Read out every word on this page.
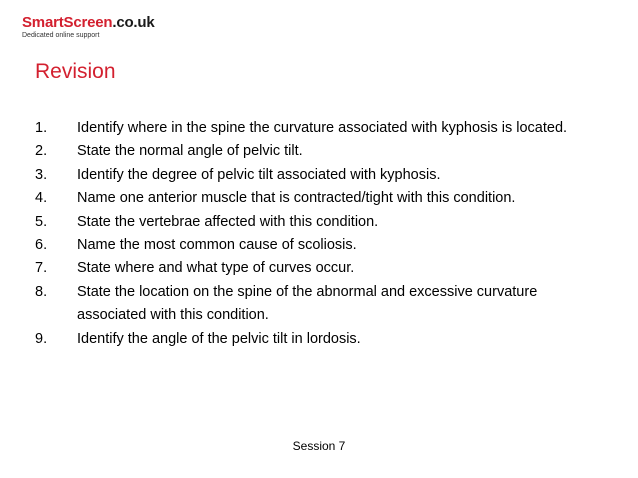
SmartScreen.co.uk
Dedicated online support
Revision
1.	Identify where in the spine the curvature associated with kyphosis is located.
2.	State the normal angle of pelvic tilt.
3.	Identify the degree of pelvic tilt associated with kyphosis.
4.	Name one anterior muscle that is contracted/tight with this condition.
5.	State the vertebrae affected with this condition.
6.	Name the most common cause of scoliosis.
7.	State where and what type of curves occur.
8.	State the location on the spine of the abnormal and excessive curvature associated with this condition.
9.	Identify the angle of the pelvic tilt in lordosis.
Session 7
